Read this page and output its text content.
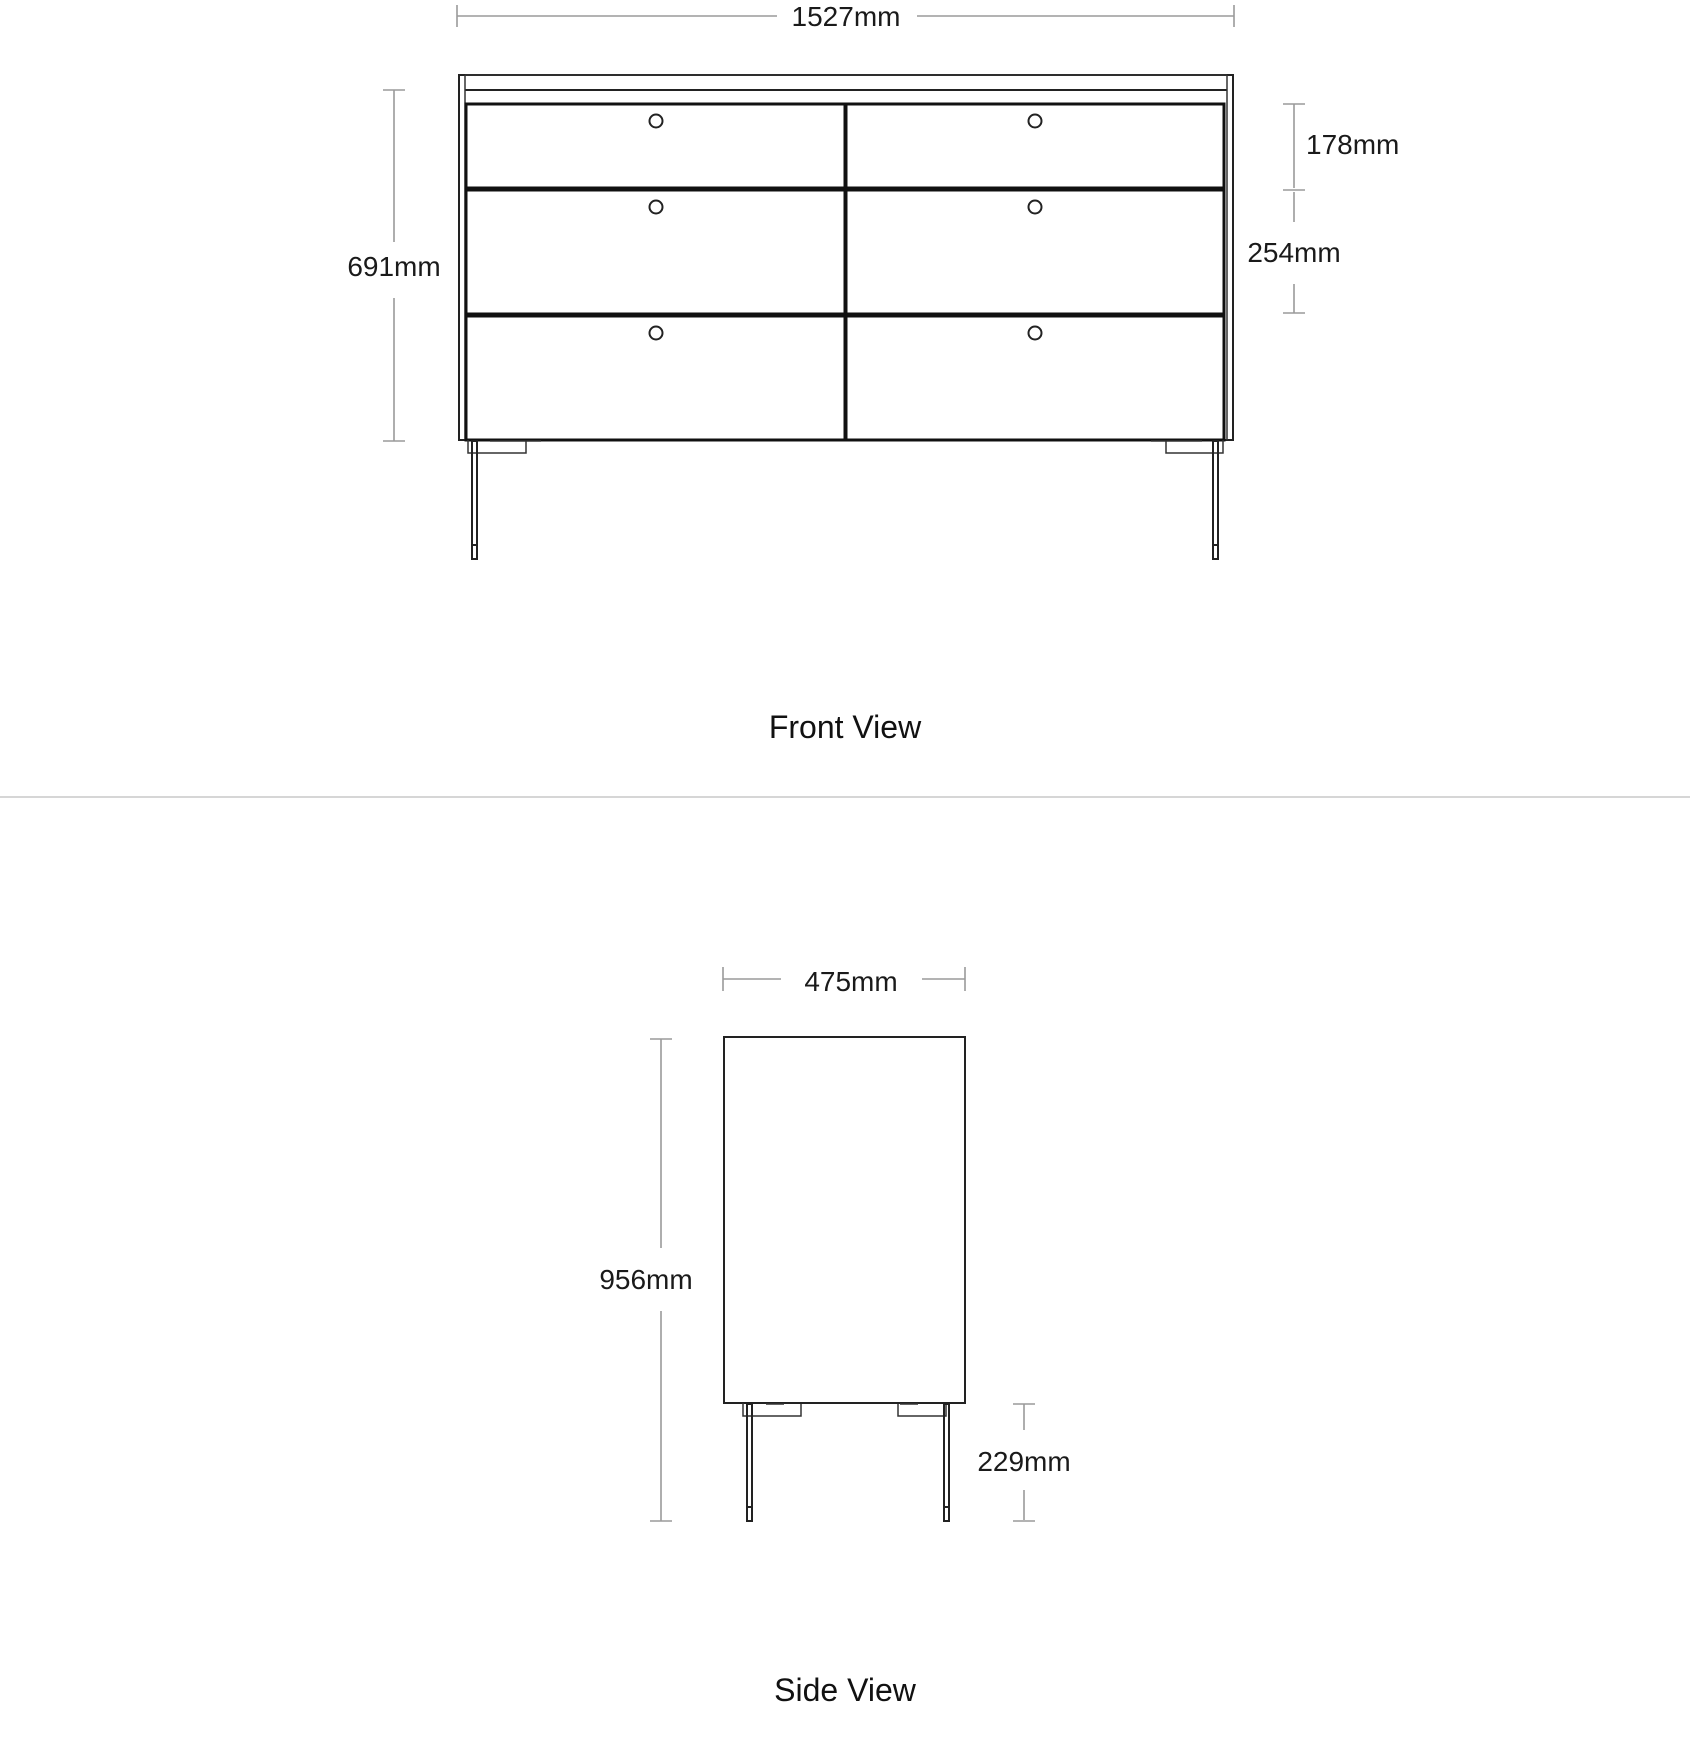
1527mm
691mm
178mm
254mm
Front View
475mm
956mm
229mm
Side View
